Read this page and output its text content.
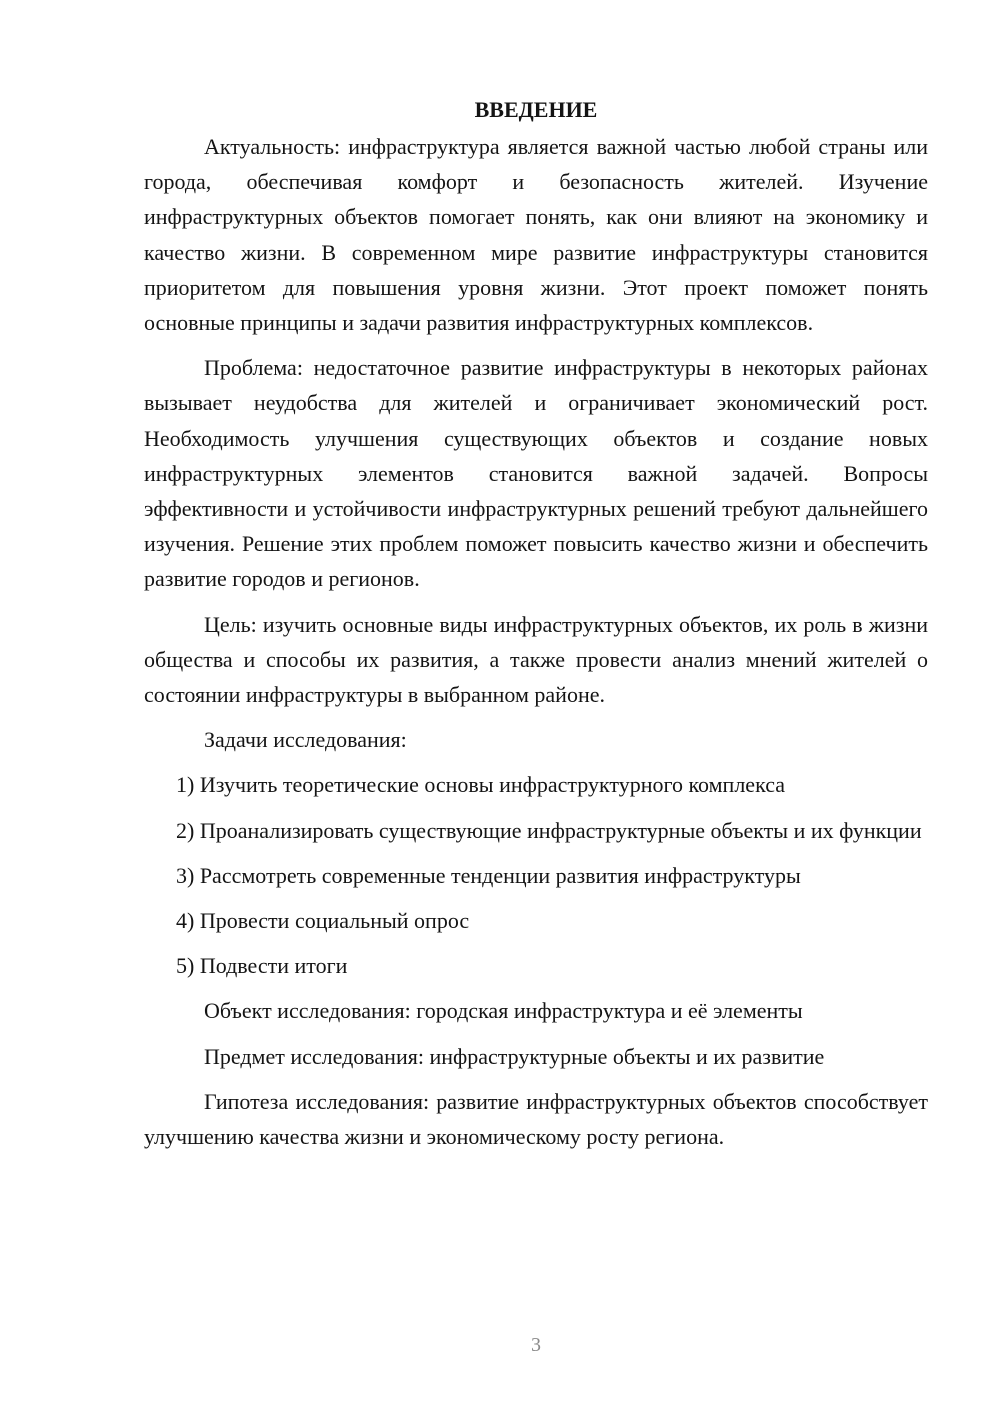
ВВЕДЕНИЕ

Актуальность: инфраструктура является важной частью любой страны или города, обеспечивая комфорт и безопасность жителей. Изучение инфраструктурных объектов помогает понять, как они влияют на экономику и качество жизни. В современном мире развитие инфраструктуры становится приоритетом для повышения уровня жизни. Этот проект поможет понять основные принципы и задачи развития инфраструктурных комплексов.

Проблема: недостаточное развитие инфраструктуры в некоторых районах вызывает неудобства для жителей и ограничивает экономический рост. Необходимость улучшения существующих объектов и создание новых инфраструктурных элементов становится важной задачей. Вопросы эффективности и устойчивости инфраструктурных решений требуют дальнейшего изучения. Решение этих проблем поможет повысить качество жизни и обеспечить развитие городов и регионов.

Цель: изучить основные виды инфраструктурных объектов, их роль в жизни общества и способы их развития, а также провести анализ мнений жителей о состоянии инфраструктуры в выбранном районе.

Задачи исследования:

1) Изучить теоретические основы инфраструктурного комплекса

2) Проанализировать существующие инфраструктурные объекты и их функции

3) Рассмотреть современные тенденции развития инфраструктуры

4) Провести социальный опрос

5) Подвести итоги

Объект исследования: городская инфраструктура и её элементы

Предмет исследования: инфраструктурные объекты и их развитие

Гипотеза исследования: развитие инфраструктурных объектов способствует улучшению качества жизни и экономическому росту региона.

3
